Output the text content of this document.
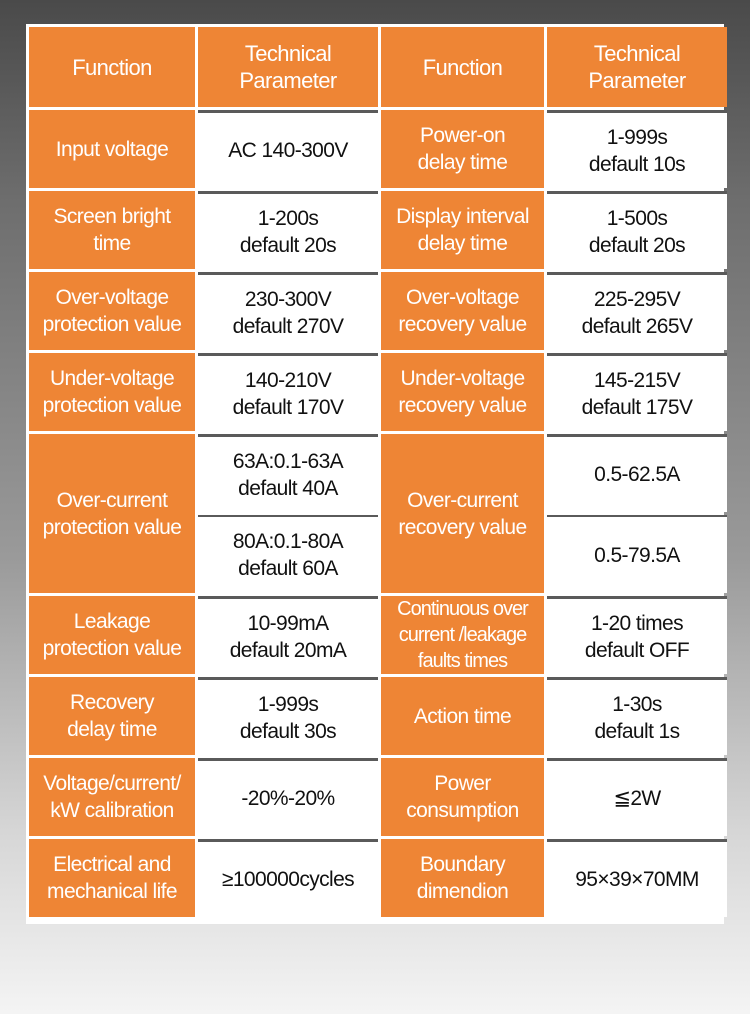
Function
Technical
Parameter
Function
Technical
Parameter
Input voltage	AC 140-300V
Power-on
delay time
1-999s
default 10s
Screen bright
time
1-200s
default 20s
Display interval
delay time
1-500s
default 20s
Over-voltage
protection value
230-300V
default 270V
Over-voltage
recovery value
225-295V
default 265V
Under-voltage
protection value
140-210V
default 170V
Under-voltage
recovery value
145-215V
default 175V
Over-current
protection value
63A:0.1-63A
default 40A
80A:0.1-80A
default 60A
Over-current
recovery value
0.5-62.5A
0.5-79.5A
Leakage
protection value
10-99mA
default 20mA
Continuous over
current /leakage
faults times
1-20 times
default OFF
Recovery
delay time
1-999s
default 30s
Action time
1-30s
default 1s
Voltage/current/
kW calibration
-20%-20%
Power
consumption
≦2W
Electrical and
mechanical life
≥100000cycles
Boundary
dimendion
95×39×70MM
